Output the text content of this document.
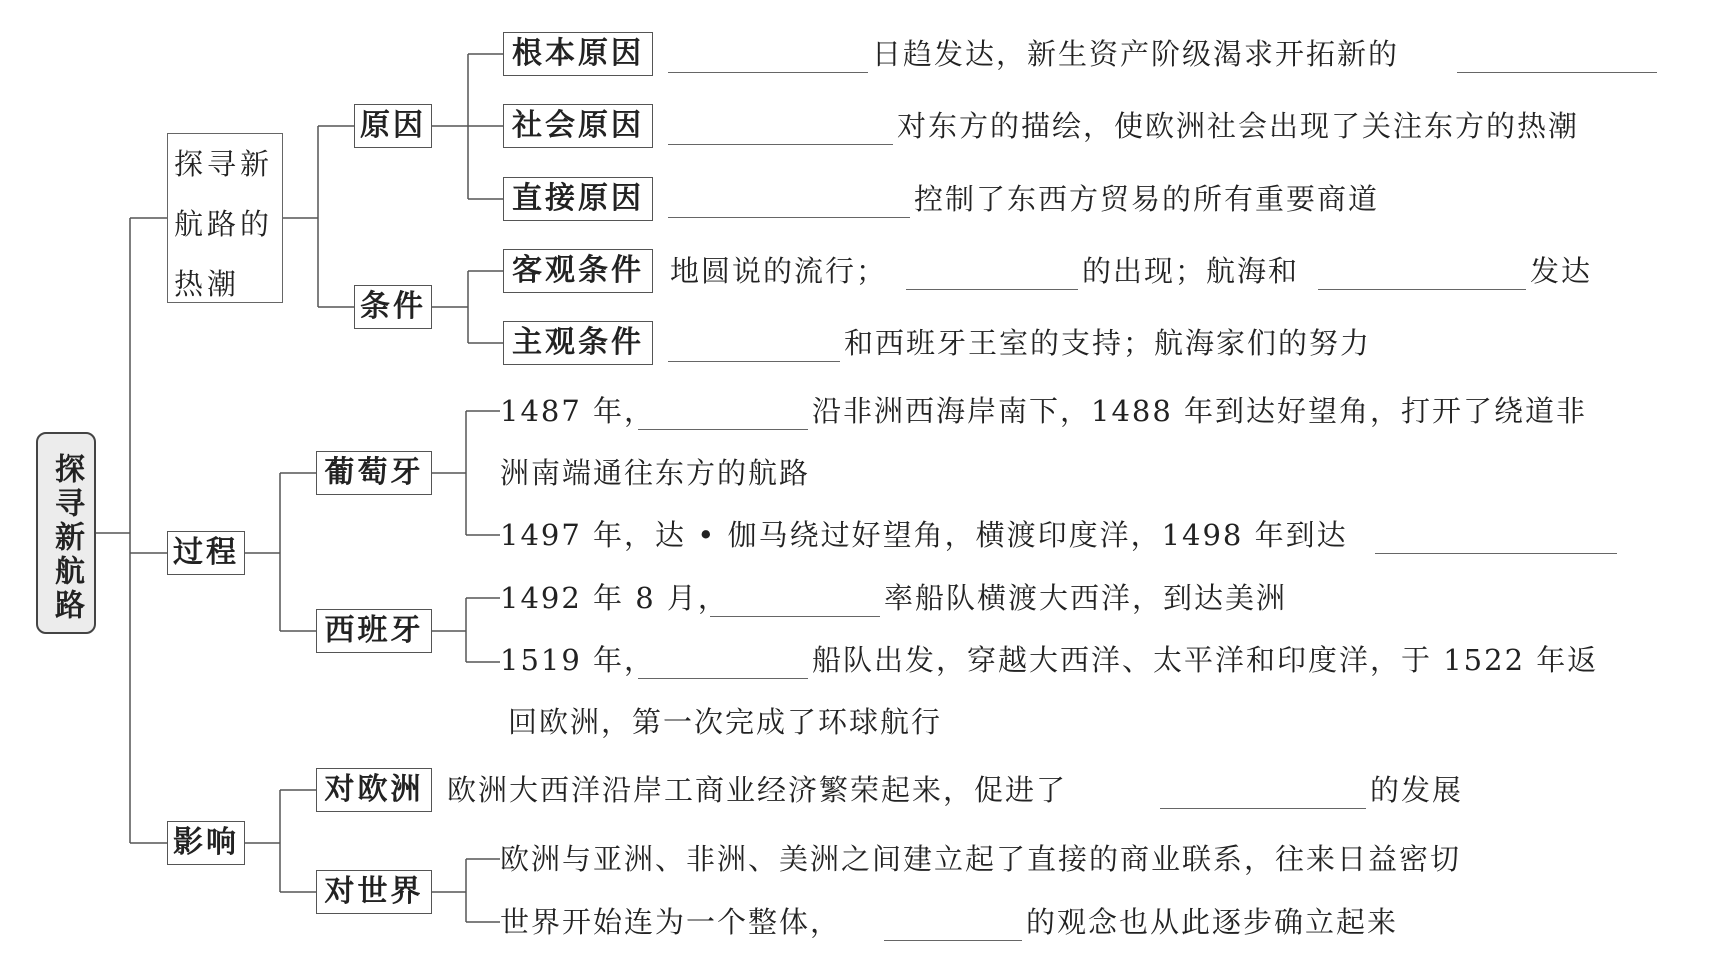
探寻新航路
探寻新
航路的
热潮
过程
影响
原因
条件
葡萄牙
西班牙
对欧洲
对世界
根本原因
社会原因
直接原因
客观条件
主观条件
日趋发达，新生资产阶级渴求开拓新的
对东方的描绘，使欧洲社会出现了关注东方的热潮
控制了东西方贸易的所有重要商道
地圆说的流行；	的出现；航海和	发达
和西班牙王室的支持；航海家们的努力
1487 年，	沿非洲西海岸南下，1488 年到达好望角，打开了绕道非
洲南端通往东方的航路
1497 年，达 • 伽马绕过好望角，横渡印度洋，1498 年到达
1492 年 8 月，	率船队横渡大西洋，到达美洲
1519 年，	船队出发，穿越大西洋、太平洋和印度洋，于 1522 年返
回欧洲，第一次完成了环球航行
欧洲大西洋沿岸工商业经济繁荣起来，促进了	的发展
欧洲与亚洲、非洲、美洲之间建立起了直接的商业联系，往来日益密切
世界开始连为一个整体，	的观念也从此逐步确立起来
